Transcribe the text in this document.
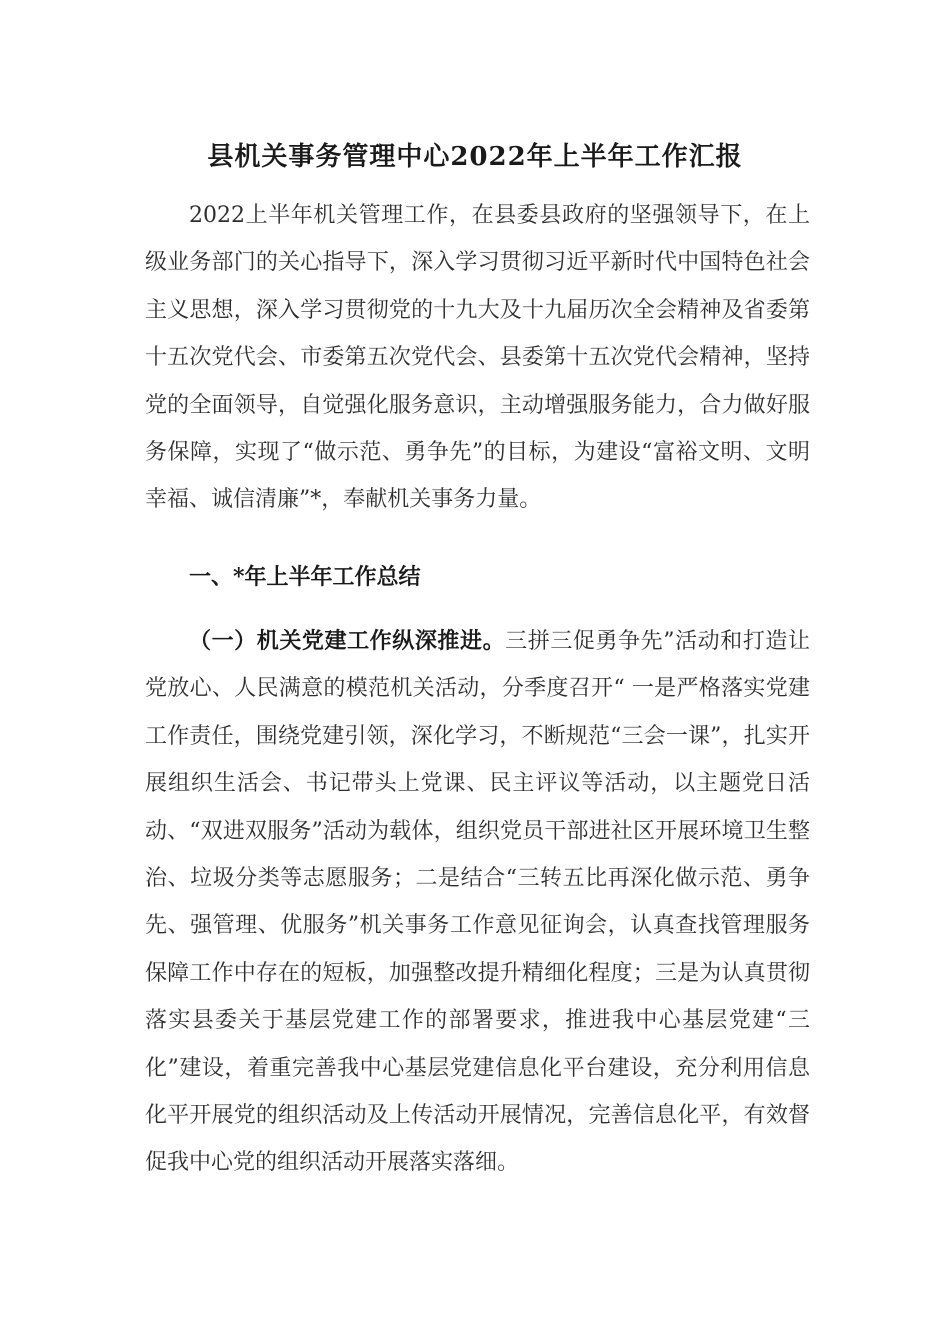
县机关事务管理中心2022年上半年工作汇报

2022上半年机关管理工作，在县委县政府的坚强领导下，在上级业务部门的关心指导下，深入学习贯彻习近平新时代中国特色社会主义思想，深入学习贯彻党的十九大及十九届历次全会精神及省委第十五次党代会、市委第五次党代会、县委第十五次党代会精神，坚持党的全面领导，自觉强化服务意识，主动增强服务能力，合力做好服务保障，实现了“做示范、勇争先”的目标，为建设“富裕文明、文明幸福、诚信清廉”*，奉献机关事务力量。

一、*年上半年工作总结

（一）机关党建工作纵深推进。三拼三促勇争先”活动和打造让党放心、人民满意的模范机关活动，分季度召开“ 一是严格落实党建工作责任，围绕党建引领，深化学习，不断规范“三会一课”，扎实开展组织生活会、书记带头上党课、民主评议等活动，以主题党日活动、“双进双服务”活动为载体，组织党员干部进社区开展环境卫生整治、垃圾分类等志愿服务；二是结合“三转五比再深化做示范、勇争先、强管理、优服务”机关事务工作意见征询会，认真查找管理服务保障工作中存在的短板，加强整改提升精细化程度；三是为认真贯彻落实县委关于基层党建工作的部署要求，推进我中心基层党建“三化”建设，着重完善我中心基层党建信息化平台建设，充分利用信息化平开展党的组织活动及上传活动开展情况，完善信息化平，有效督促我中心党的组织活动开展落实落细。
